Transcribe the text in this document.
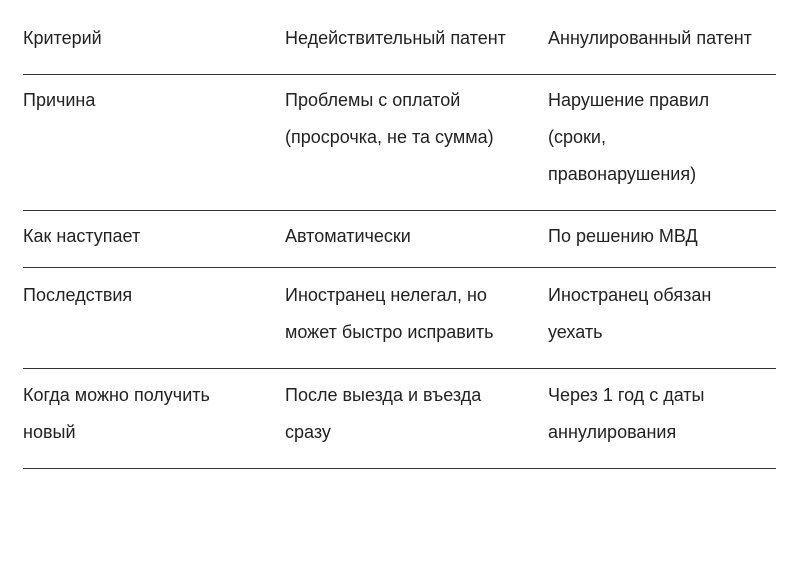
Критерий	Недействительный патент	Аннулированный патент

Причина	Проблемы с оплатой (просрочка, не та сумма)	Нарушение правил (сроки, правонарушения)

Как наступает	Автоматически	По решению МВД

Последствия	Иностранец нелегал, но может быстро исправить	Иностранец обязан уехать

Когда можно получить новый	После выезда и въезда сразу	Через 1 год с даты аннулирования
